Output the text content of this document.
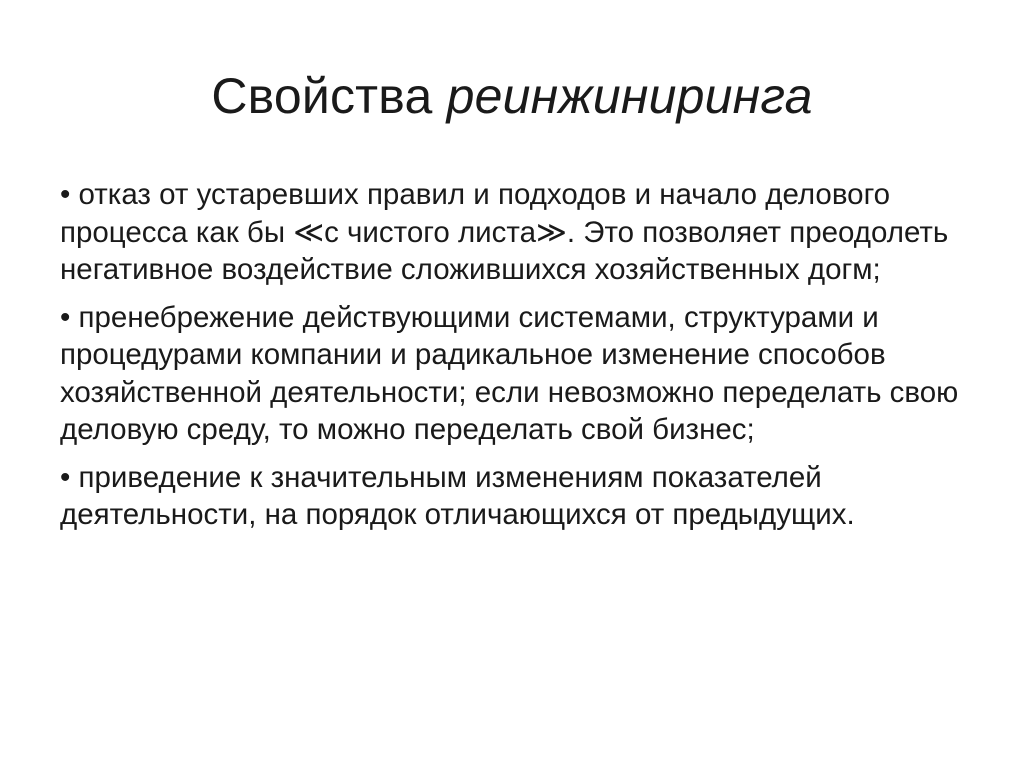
Свойства реинжиниринга
• отказ от устаревших правил и подходов и начало делового процесса как бы ≪с чистого листа≫. Это позволяет преодолеть негативное воздействие сложившихся хозяйственных догм;
• пренебрежение действующими системами, структурами и процедурами компании и радикальное изменение способов хозяйственной деятельности; если невозможно переделать свою деловую среду, то можно переделать свой бизнес;
• приведение к значительным изменениям показателей деятельности, на порядок отличающихся от предыдущих.
